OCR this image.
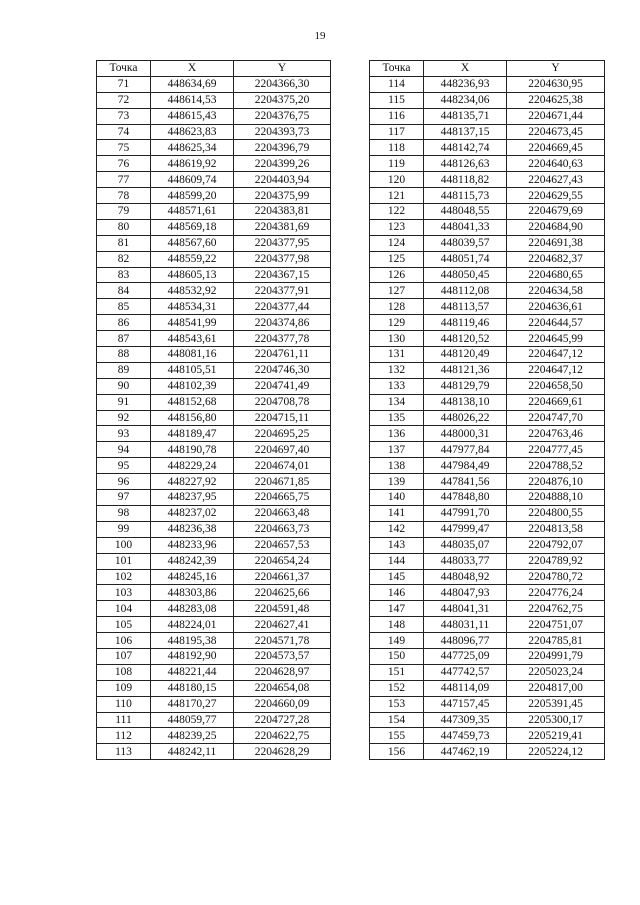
19
Точка	X	Y
71	448634,69	2204366,30
72	448614,53	2204375,20
73	448615,43	2204376,75
74	448623,83	2204393,73
75	448625,34	2204396,79
76	448619,92	2204399,26
77	448609,74	2204403,94
78	448599,20	2204375,99
79	448571,61	2204383,81
80	448569,18	2204381,69
81	448567,60	2204377,95
82	448559,22	2204377,98
83	448605,13	2204367,15
84	448532,92	2204377,91
85	448534,31	2204377,44
86	448541,99	2204374,86
87	448543,61	2204377,78
88	448081,16	2204761,11
89	448105,51	2204746,30
90	448102,39	2204741,49
91	448152,68	2204708,78
92	448156,80	2204715,11
93	448189,47	2204695,25
94	448190,78	2204697,40
95	448229,24	2204674,01
96	448227,92	2204671,85
97	448237,95	2204665,75
98	448237,02	2204663,48
99	448236,38	2204663,73
100	448233,96	2204657,53
101	448242,39	2204654,24
102	448245,16	2204661,37
103	448303,86	2204625,66
104	448283,08	2204591,48
105	448224,01	2204627,41
106	448195,38	2204571,78
107	448192,90	2204573,57
108	448221,44	2204628,97
109	448180,15	2204654,08
110	448170,27	2204660,09
111	448059,77	2204727,28
112	448239,25	2204622,75
113	448242,11	2204628,29
Точка	X	Y
114	448236,93	2204630,95
115	448234,06	2204625,38
116	448135,71	2204671,44
117	448137,15	2204673,45
118	448142,74	2204669,45
119	448126,63	2204640,63
120	448118,82	2204627,43
121	448115,73	2204629,55
122	448048,55	2204679,69
123	448041,33	2204684,90
124	448039,57	2204691,38
125	448051,74	2204682,37
126	448050,45	2204680,65
127	448112,08	2204634,58
128	448113,57	2204636,61
129	448119,46	2204644,57
130	448120,52	2204645,99
131	448120,49	2204647,12
132	448121,36	2204647,12
133	448129,79	2204658,50
134	448138,10	2204669,61
135	448026,22	2204747,70
136	448000,31	2204763,46
137	447977,84	2204777,45
138	447984,49	2204788,52
139	447841,56	2204876,10
140	447848,80	2204888,10
141	447991,70	2204800,55
142	447999,47	2204813,58
143	448035,07	2204792,07
144	448033,77	2204789,92
145	448048,92	2204780,72
146	448047,93	2204776,24
147	448041,31	2204762,75
148	448031,11	2204751,07
149	448096,77	2204785,81
150	447725,09	2204991,79
151	447742,57	2205023,24
152	448114,09	2204817,00
153	447157,45	2205391,45
154	447309,35	2205300,17
155	447459,73	2205219,41
156	447462,19	2205224,12
